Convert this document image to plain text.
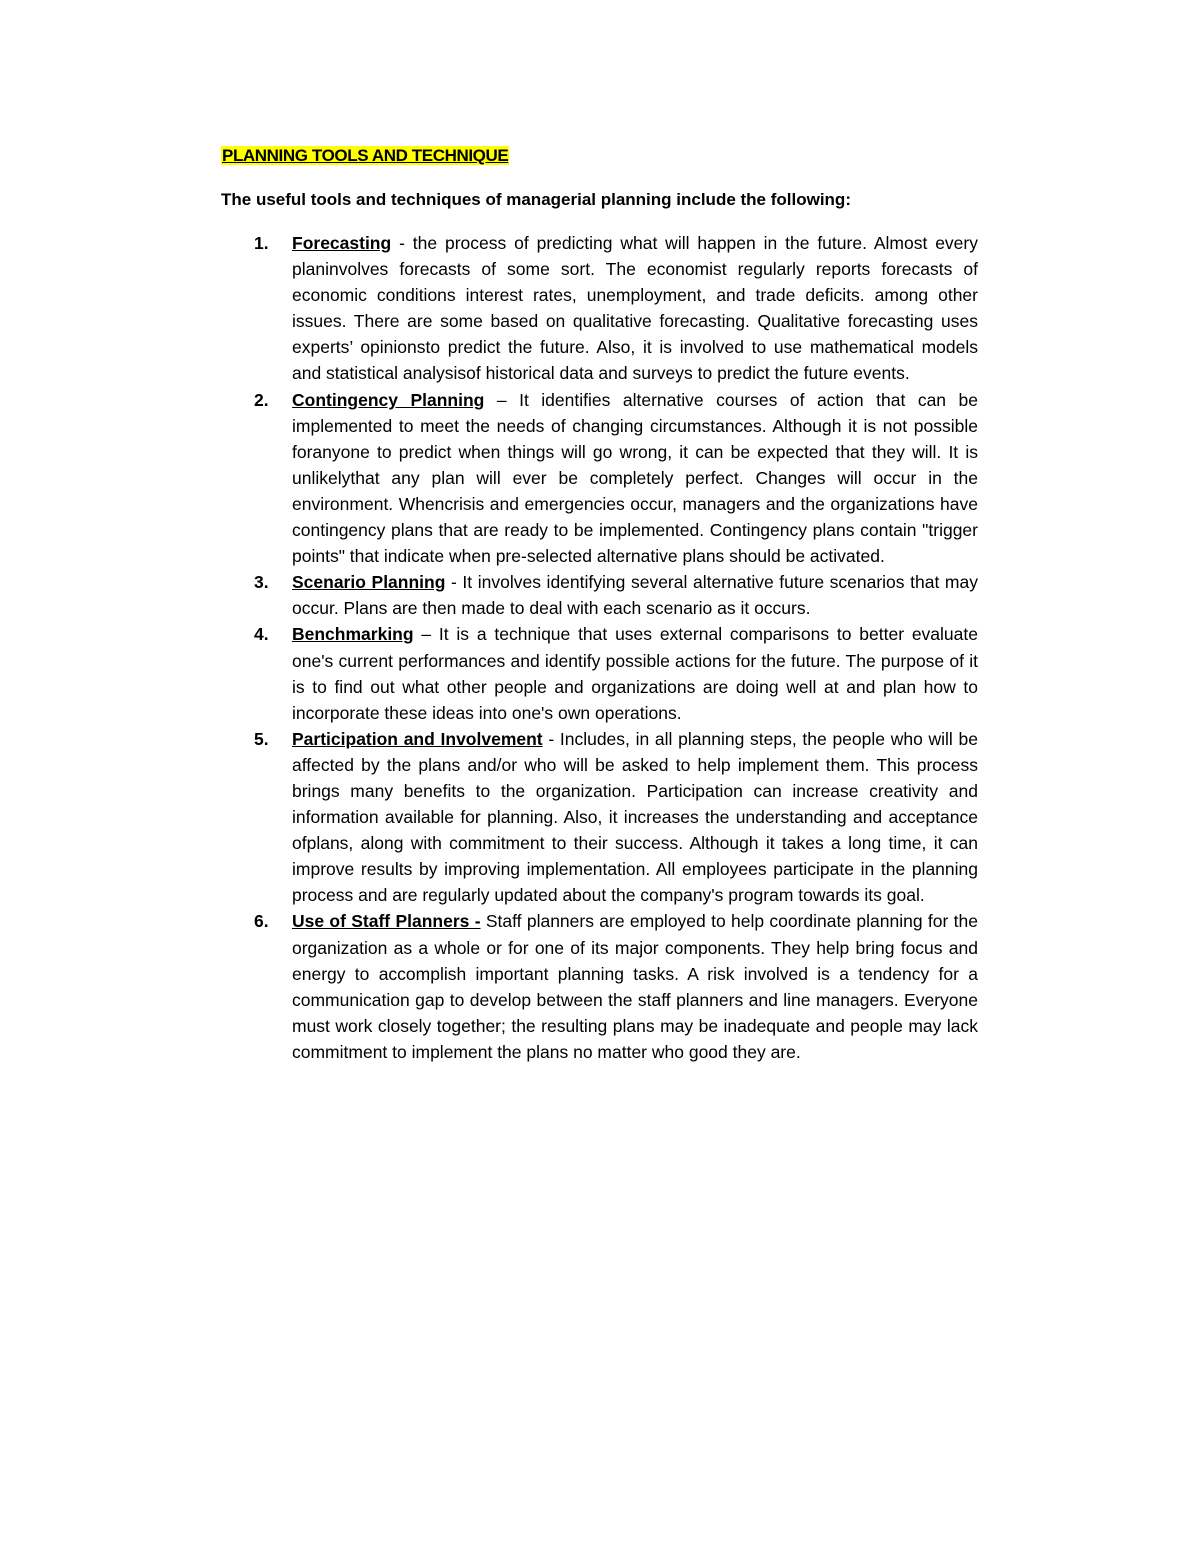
PLANNING TOOLS AND TECHNIQUE

The useful tools and techniques of managerial planning include the following:

1. Forecasting - the process of predicting what will happen in the future. Almost every planinvolves forecasts of some sort. The economist regularly reports forecasts of economic conditions interest rates, unemployment, and trade deficits. among other issues. There are some based on qualitative forecasting. Qualitative forecasting uses experts’ opinionsto predict the future. Also, it is involved to use mathematical models and statistical analysisof historical data and surveys to predict the future events.
2. Contingency Planning – It identifies alternative courses of action that can be implemented to meet the needs of changing circumstances. Although it is not possible foranyone to predict when things will go wrong, it can be expected that they will. It is unlikelythat any plan will ever be completely perfect. Changes will occur in the environment. Whencrisis and emergencies occur, managers and the organizations have contingency plans that are ready to be implemented. Contingency plans contain "trigger points" that indicate when pre-selected alternative plans should be activated.
3. Scenario Planning - It involves identifying several alternative future scenarios that may occur. Plans are then made to deal with each scenario as it occurs.
4. Benchmarking – It is a technique that uses external comparisons to better evaluate one's current performances and identify possible actions for the future. The purpose of it is to find out what other people and organizations are doing well at and plan how to incorporate these ideas into one's own operations.
5. Participation and Involvement - Includes, in all planning steps, the people who will be affected by the plans and/or who will be asked to help implement them. This process brings many benefits to the organization. Participation can increase creativity and information available for planning. Also, it increases the understanding and acceptance ofplans, along with commitment to their success. Although it takes a long time, it can improve results by improving implementation. All employees participate in the planning process and are regularly updated about the company's program towards its goal.
6. Use of Staff Planners - Staff planners are employed to help coordinate planning for the organization as a whole or for one of its major components. They help bring focus and energy to accomplish important planning tasks. A risk involved is a tendency for a communication gap to develop between the staff planners and line managers. Everyone must work closely together; the resulting plans may be inadequate and people may lack commitment to implement the plans no matter who good they are.
